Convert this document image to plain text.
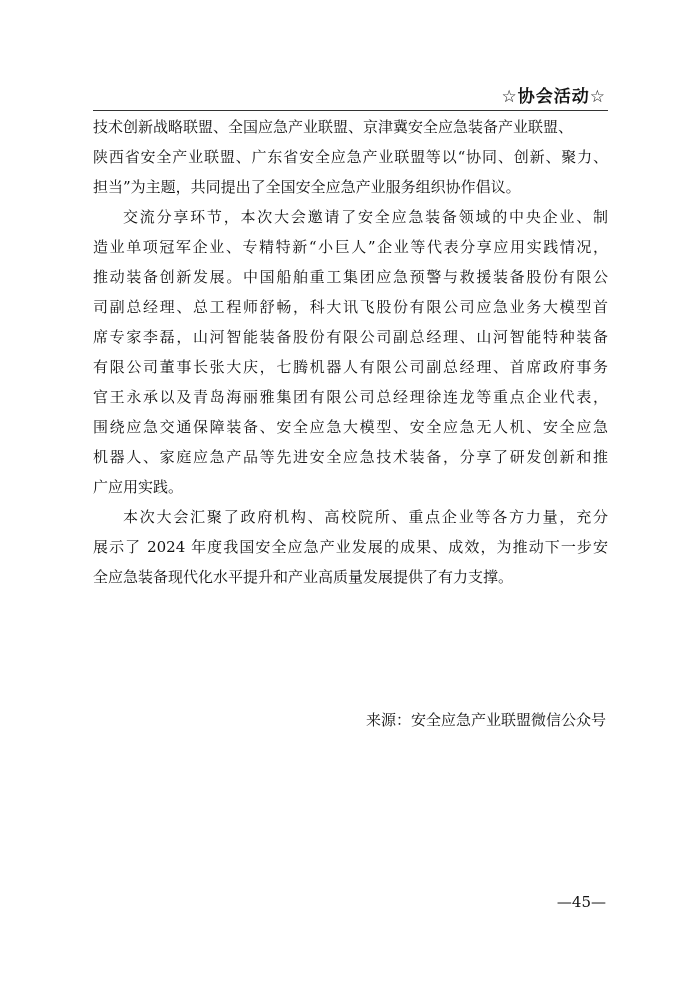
☆协会活动☆
技术创新战略联盟、全国应急产业联盟、京津冀安全应急装备产业联盟、
陕西省安全产业联盟、广东省安全应急产业联盟等以“协同、创新、聚力、
担当”为主题，共同提出了全国安全应急产业服务组织协作倡议。
交流分享环节，本次大会邀请了安全应急装备领域的中央企业、制
造业单项冠军企业、专精特新“小巨人”企业等代表分享应用实践情况，
推动装备创新发展。中国船舶重工集团应急预警与救援装备股份有限公
司副总经理、总工程师舒畅，科大讯飞股份有限公司应急业务大模型首
席专家李磊，山河智能装备股份有限公司副总经理、山河智能特种装备
有限公司董事长张大庆，七腾机器人有限公司副总经理、首席政府事务
官王永承以及青岛海丽雅集团有限公司总经理徐连龙等重点企业代表，
围绕应急交通保障装备、安全应急大模型、安全应急无人机、安全应急
机器人、家庭应急产品等先进安全应急技术装备，分享了研发创新和推
广应用实践。
本次大会汇聚了政府机构、高校院所、重点企业等各方力量，充分
展示了 2024 年度我国安全应急产业发展的成果、成效，为推动下一步安
全应急装备现代化水平提升和产业高质量发展提供了有力支撑。
来源：安全应急产业联盟微信公众号
—45—
